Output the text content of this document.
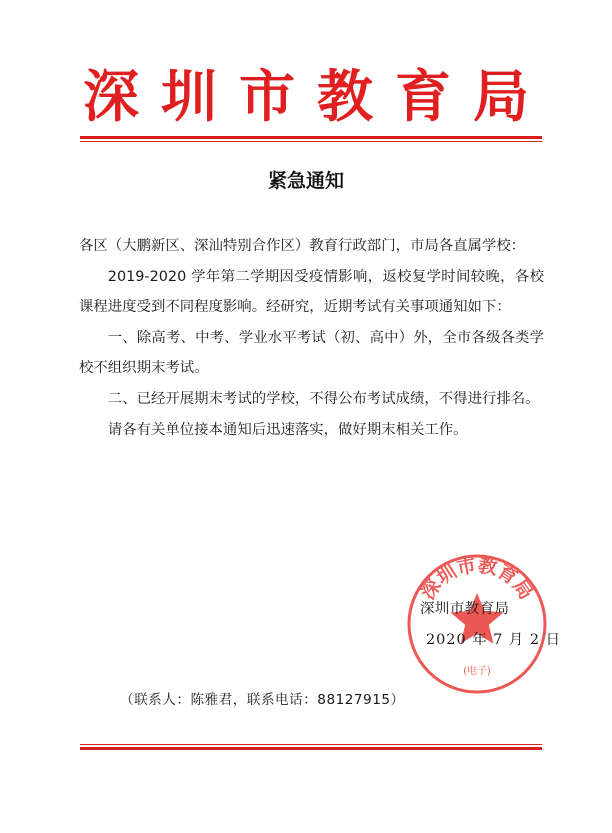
深圳市教育局
紧急通知

各区（大鹏新区、深汕特别合作区）教育行政部门，市局各直属学校：

2019-2020 学年第二学期因受疫情影响，返校复学时间较晚，各校课程进度受到不同程度影响。经研究，近期考试有关事项通知如下：

一、除高考、中考、学业水平考试（初、高中）外，全市各级各类学校不组织期末考试。

二、已经开展期末考试的学校，不得公布考试成绩，不得进行排名。

请各有关单位接本通知后迅速落实，做好期末相关工作。

深圳市教育局
(电子)
深圳市教育局
2020 年 7 月 2 日
（联系人：陈雅君，联系电话：88127915）
